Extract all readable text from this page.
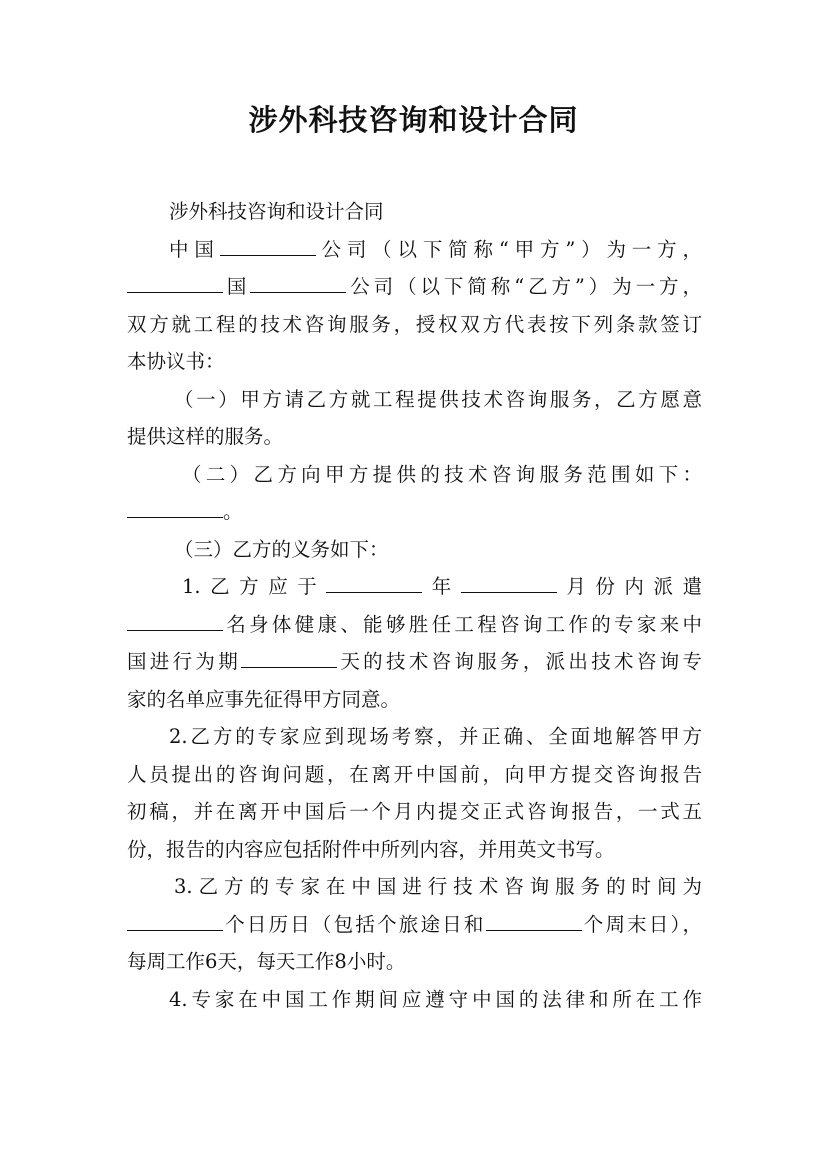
涉外科技咨询和设计合同
涉外科技咨询和设计合同
中国	公司（以下简称“甲方”）为一方，
国	公司（以下简称“乙方”）为一方，
双方就工程的技术咨询服务，授权双方代表按下列条款签订
本协议书：
（一）甲方请乙方就工程提供技术咨询服务，乙方愿意
提供这样的服务。
（二）乙方向甲方提供的技术咨询服务范围如下：
。
（三）乙方的义务如下：
1.乙方应于	年	月份内派遣
名身体健康、能够胜任工程咨询工作的专家来中
国进行为期	天的技术咨询服务，派出技术咨询专
家的名单应事先征得甲方同意。
2.乙方的专家应到现场考察，并正确、全面地解答甲方
人员提出的咨询问题，在离开中国前，向甲方提交咨询报告
初稿，并在离开中国后一个月内提交正式咨询报告，一式五
份，报告的内容应包括附件中所列内容，并用英文书写。
3.乙方的专家在中国进行技术咨询服务的时间为
个日历日（包括个旅途日和	个周末日），
每周工作6天，每天工作8小时。
4.专家在中国工作期间应遵守中国的法律和所在工作
